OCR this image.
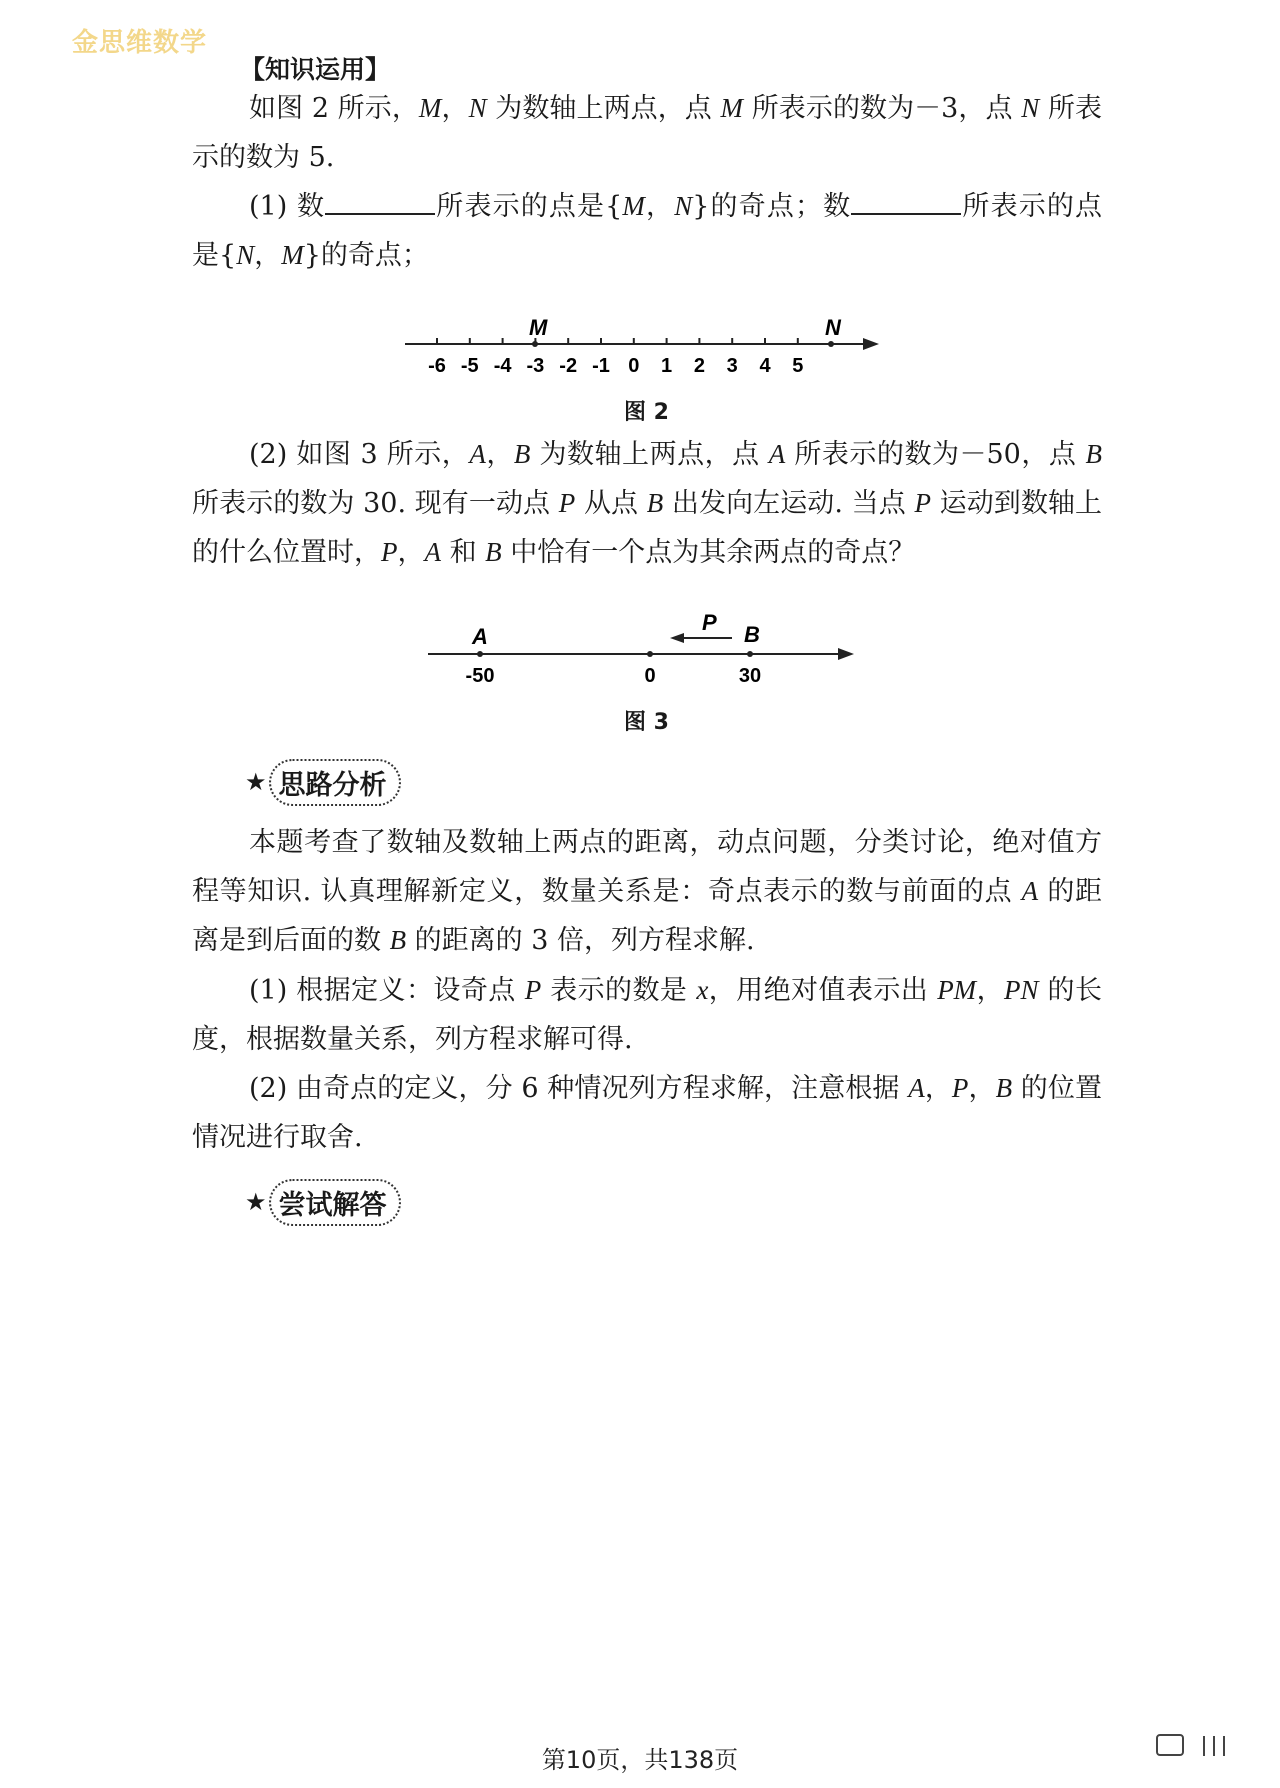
金思维数学
【知识运用】

如图 2 所示，M，N 为数轴上两点，点 M 所表示的数为－3，点 N 所表示的数为 5.

(1) 数	所表示的点是{M，N}的奇点；数	所表示的点是{N，M}的奇点；

-6 -5 -4 -3 -2 -1 0 1 2 3 4 5
M	N
图 2

(2) 如图 3 所示，A，B 为数轴上两点，点 A 所表示的数为－50，点 B 所表示的数为 30. 现有一动点 P 从点 B 出发向左运动. 当点 P 运动到数轴上的什么位置时，P，A 和 B 中恰有一个点为其余两点的奇点？

A
P B
-50	0	30
图 3
★ 思路分析

本题考查了数轴及数轴上两点的距离，动点问题，分类讨论，绝对值方程等知识. 认真理解新定义，数量关系是：奇点表示的数与前面的点 A 的距离是到后面的数 B 的距离的 3 倍，列方程求解.

(1) 根据定义：设奇点 P 表示的数是 x，用绝对值表示出 PM，PN 的长度，根据数量关系，列方程求解可得.

(2) 由奇点的定义，分 6 种情况列方程求解，注意根据 A，P，B 的位置情况进行取舍.

★ 尝试解答
第10页，共138页
